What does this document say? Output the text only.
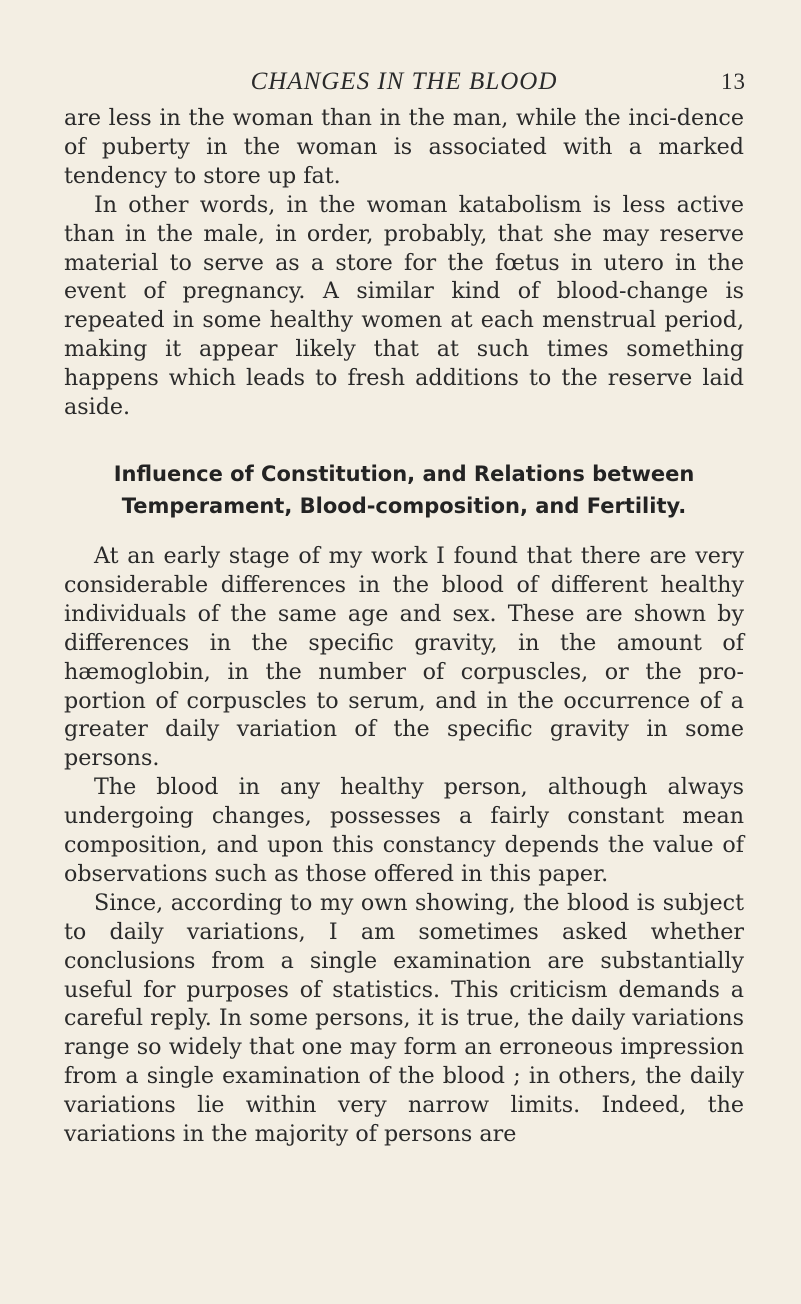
CHANGES IN THE BLOOD	13

are less in the woman than in the man, while the inci-dence of puberty in the woman is associated with a marked tendency to store up fat.

In other words, in the woman katabolism is less active than in the male, in order, probably, that she may reserve material to serve as a store for the fœtus in utero in the event of pregnancy. A similar kind of blood-change is repeated in some healthy women at each menstrual period, making it appear likely that at such times something happens which leads to fresh additions to the reserve laid aside.

Influence of Constitution, and Relations between
Temperament, Blood-composition, and Fertility.

At an early stage of my work I found that there are very considerable differences in the blood of different healthy individuals of the same age and sex. These are shown by differences in the specific gravity, in the amount of hæmoglobin, in the number of corpuscles, or the pro-portion of corpuscles to serum, and in the occurrence of a greater daily variation of the specific gravity in some persons.

The blood in any healthy person, although always undergoing changes, possesses a fairly constant mean composition, and upon this constancy depends the value of observations such as those offered in this paper.

Since, according to my own showing, the blood is subject to daily variations, I am sometimes asked whether conclusions from a single examination are substantially useful for purposes of statistics. This criticism demands a careful reply. In some persons, it is true, the daily variations range so widely that one may form an erroneous impression from a single examination of the blood ; in others, the daily variations lie within very narrow limits. Indeed, the variations in the majority of persons are
